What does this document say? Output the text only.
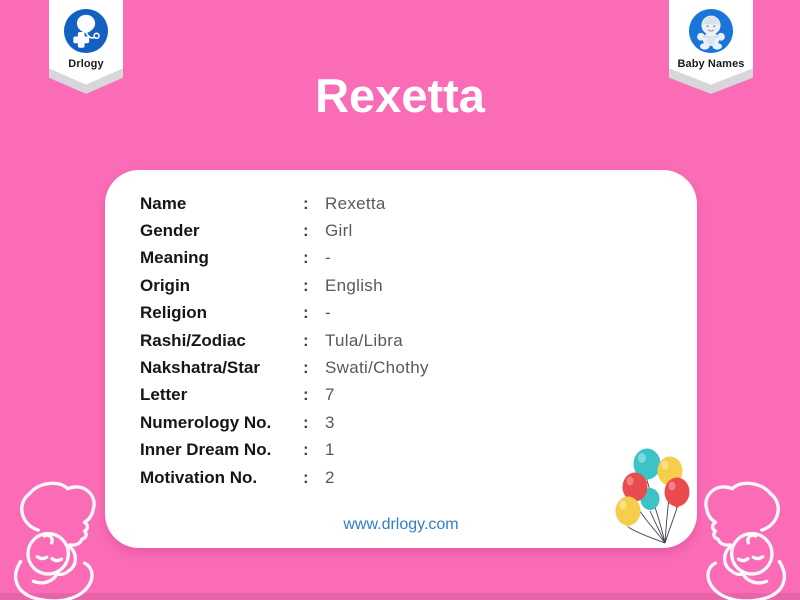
Drlogy	Baby Names
Rexetta
Name	: Rexetta
Gender	: Girl
Meaning	: -
Origin	: English
Religion	: -
Rashi/Zodiac	: Tula/Libra
Nakshatra/Star	: Swati/Chothy
Letter	: 7
Numerology No.	: 3
Inner Dream No.	: 1
Motivation No.	: 2
www.drlogy.com
